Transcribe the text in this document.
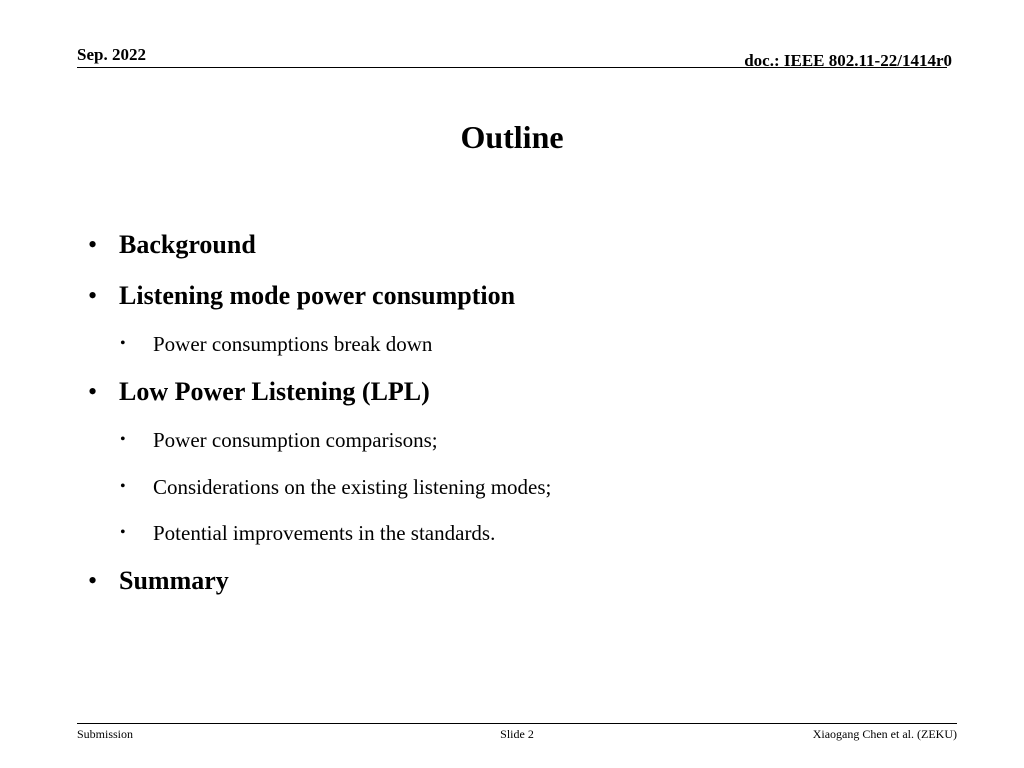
Sep. 2022	doc.: IEEE 802.11-22/1414r0
Outline
• Background
• Listening mode power consumption
• Power consumptions break down
• Low Power Listening (LPL)
• Power consumption comparisons;
• Considerations on the existing listening modes;
• Potential improvements in the standards.
• Summary
Submission	Slide 2	Xiaogang Chen et al. (ZEKU)
